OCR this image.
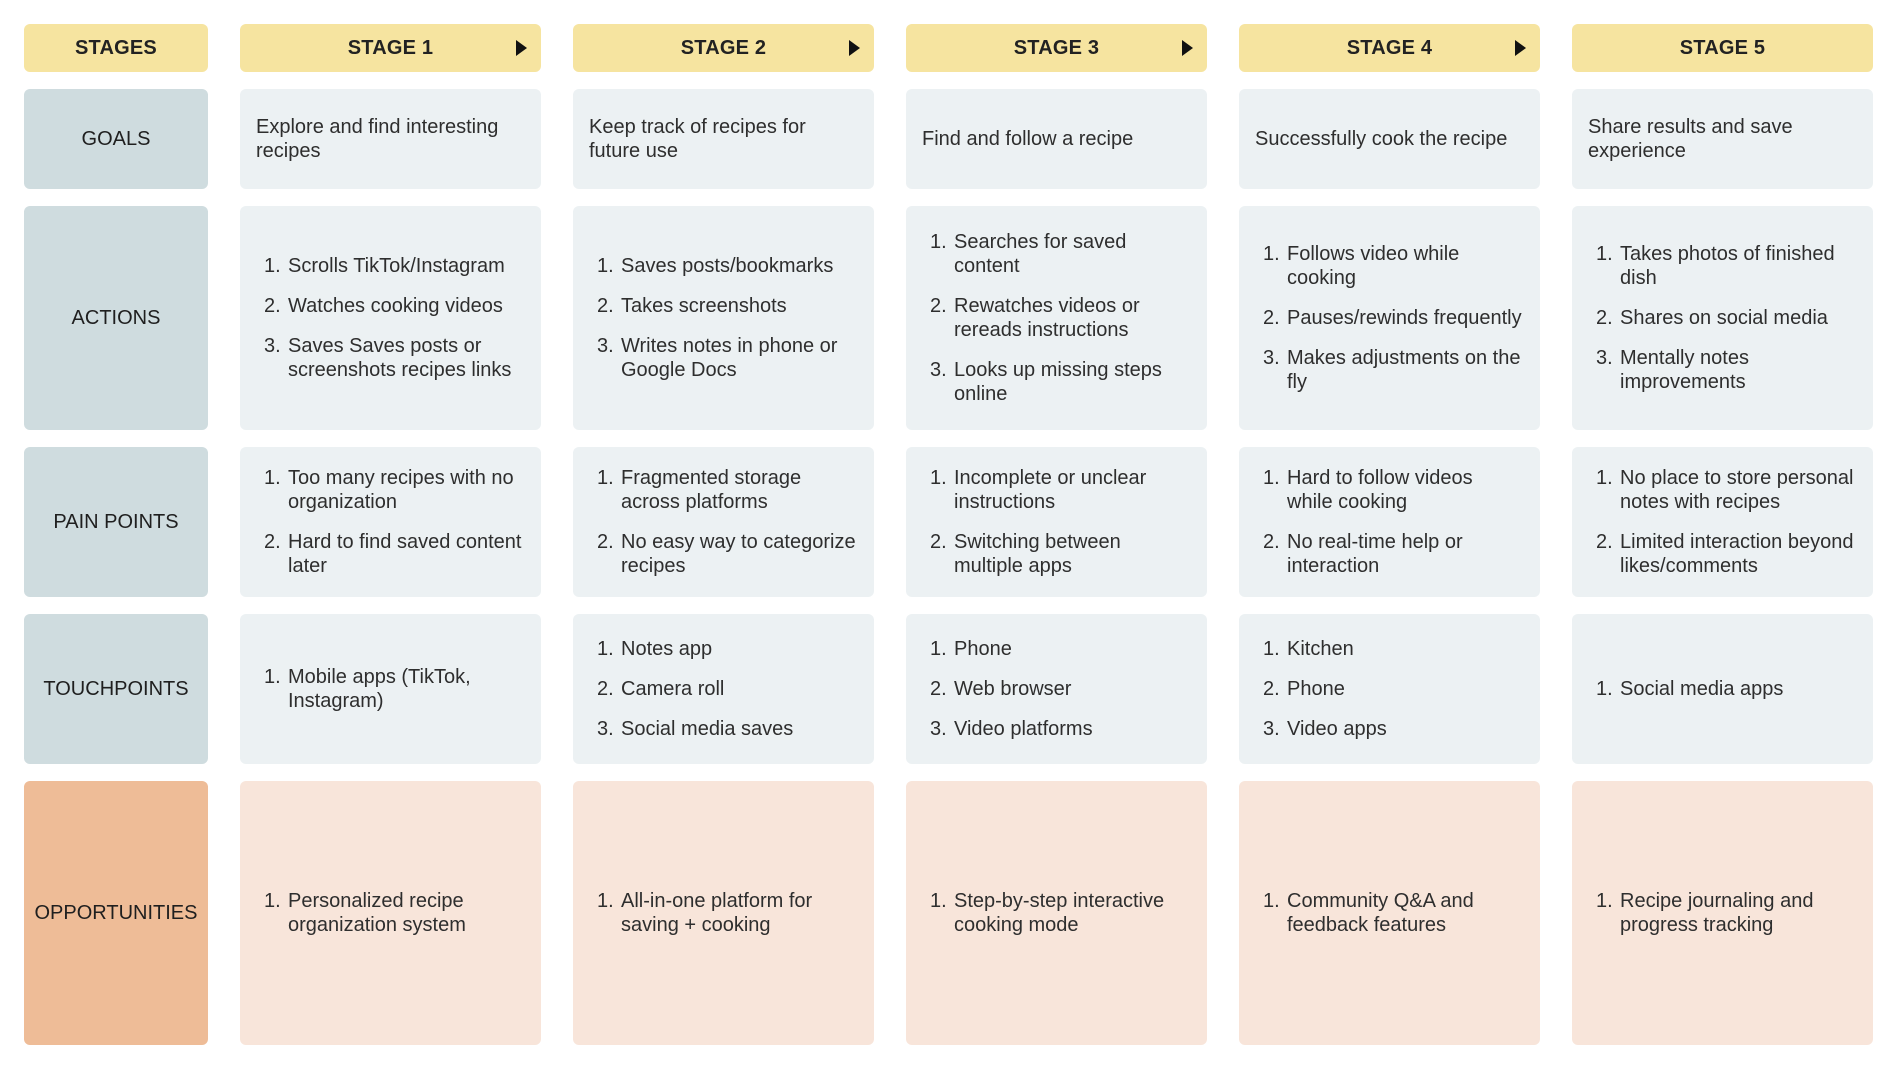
STAGES
GOALS
ACTIONS
PAIN POINTS
TOUCHPOINTS
OPPORTUNITIES
STAGE 1
Explore and find interesting recipes
1. Scrolls TikTok/Instagram
2. Watches cooking videos
3. Saves Saves posts or screenshots recipes links
1. Too many recipes with no organization
2. Hard to find saved content later
1. Mobile apps (TikTok, Instagram)
1. Personalized recipe organization system
STAGE 2
Keep track of recipes for future use
1. Saves posts/bookmarks
2. Takes screenshots
3. Writes notes in phone or Google Docs
1. Fragmented storage across platforms
2. No easy way to categorize recipes
1. Notes app
2. Camera roll
3. Social media saves
1. All-in-one platform for saving + cooking
STAGE 3
Find and follow a recipe
1. Searches for saved content
2. Rewatches videos or rereads instructions
3. Looks up missing steps online
1. Incomplete or unclear instructions
2. Switching between multiple apps
1. Phone
2. Web browser
3. Video platforms
1. Step-by-step interactive cooking mode
STAGE 4
Successfully cook the recipe
1. Follows video while cooking
2. Pauses/rewinds frequently
3. Makes adjustments on the fly
1. Hard to follow videos while cooking
2. No real-time help or interaction
1. Kitchen
2. Phone
3. Video apps
1. Community Q&A and feedback features
STAGE 5
Share results and save experience
1. Takes photos of finished dish
2. Shares on social media
3. Mentally notes improvements
1. No place to store personal notes with recipes
2. Limited interaction beyond likes/comments
1. Social media apps
1. Recipe journaling and progress tracking
